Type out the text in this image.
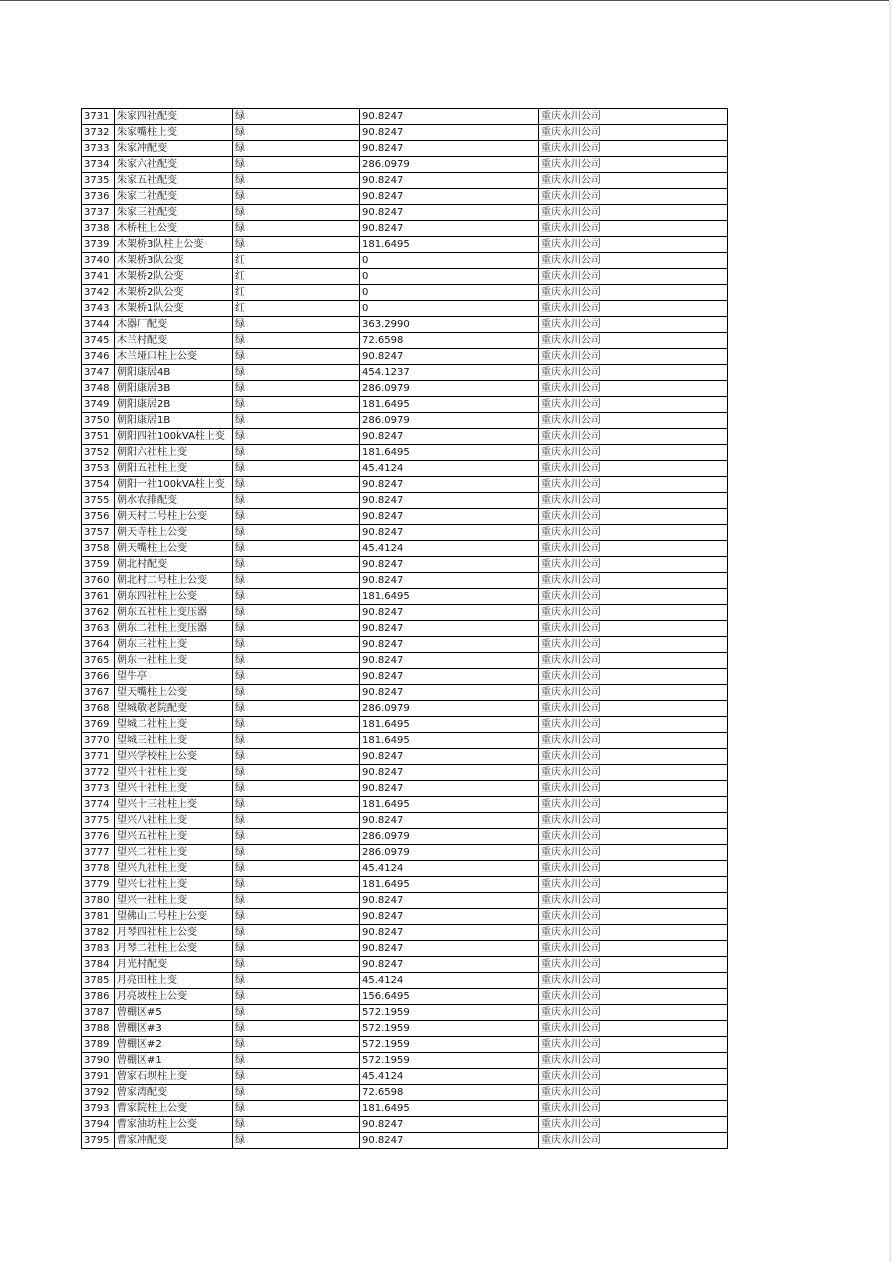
3731	朱家四社配变	绿	90.8247	重庆永川公司
3732	朱家嘴柱上变	绿	90.8247	重庆永川公司
3733	朱家冲配变	绿	90.8247	重庆永川公司
3734	朱家六社配变	绿	286.0979	重庆永川公司
3735	朱家五社配变	绿	90.8247	重庆永川公司
3736	朱家二社配变	绿	90.8247	重庆永川公司
3737	朱家三社配变	绿	90.8247	重庆永川公司
3738	木桥柱上公变	绿	90.8247	重庆永川公司
3739	木架桥3队柱上公变	绿	181.6495	重庆永川公司
3740	木架桥3队公变	红	0	重庆永川公司
3741	木架桥2队公变	红	0	重庆永川公司
3742	木架桥2队公变	红	0	重庆永川公司
3743	木架桥1队公变	红	0	重庆永川公司
3744	木器厂配变	绿	363.2990	重庆永川公司
3745	木兰村配变	绿	72.6598	重庆永川公司
3746	木兰垭口柱上公变	绿	90.8247	重庆永川公司
3747	朝阳康居4B	绿	454.1237	重庆永川公司
3748	朝阳康居3B	绿	286.0979	重庆永川公司
3749	朝阳康居2B	绿	181.6495	重庆永川公司
3750	朝阳康居1B	绿	286.0979	重庆永川公司
3751	朝阳四社100kVA柱上变	绿	90.8247	重庆永川公司
3752	朝阳六社柱上变	绿	181.6495	重庆永川公司
3753	朝阳五社柱上变	绿	45.4124	重庆永川公司
3754	朝阳一社100kVA柱上变	绿	90.8247	重庆永川公司
3755	朝水农排配变	绿	90.8247	重庆永川公司
3756	朝天村二号柱上公变	绿	90.8247	重庆永川公司
3757	朝天寺柱上公变	绿	90.8247	重庆永川公司
3758	朝天嘴柱上公变	绿	45.4124	重庆永川公司
3759	朝北村配变	绿	90.8247	重庆永川公司
3760	朝北村二号柱上公变	绿	90.8247	重庆永川公司
3761	朝东四社柱上公变	绿	181.6495	重庆永川公司
3762	朝东五社柱上变压器	绿	90.8247	重庆永川公司
3763	朝东二社柱上变压器	绿	90.8247	重庆永川公司
3764	朝东三社柱上变	绿	90.8247	重庆永川公司
3765	朝东一社柱上变	绿	90.8247	重庆永川公司
3766	望牛亭	绿	90.8247	重庆永川公司
3767	望天嘴柱上公变	绿	90.8247	重庆永川公司
3768	望城敬老院配变	绿	286.0979	重庆永川公司
3769	望城二社柱上变	绿	181.6495	重庆永川公司
3770	望城三社柱上变	绿	181.6495	重庆永川公司
3771	望兴学校柱上公变	绿	90.8247	重庆永川公司
3772	望兴十社柱上变	绿	90.8247	重庆永川公司
3773	望兴十社柱上变	绿	90.8247	重庆永川公司
3774	望兴十三社柱上变	绿	181.6495	重庆永川公司
3775	望兴八社柱上变	绿	90.8247	重庆永川公司
3776	望兴五社柱上变	绿	286.0979	重庆永川公司
3777	望兴二社柱上变	绿	286.0979	重庆永川公司
3778	望兴九社柱上变	绿	45.4124	重庆永川公司
3779	望兴七社柱上变	绿	181.6495	重庆永川公司
3780	望兴一社柱上变	绿	90.8247	重庆永川公司
3781	望佛山二号柱上公变	绿	90.8247	重庆永川公司
3782	月琴四社柱上公变	绿	90.8247	重庆永川公司
3783	月琴二社柱上公变	绿	90.8247	重庆永川公司
3784	月光村配变	绿	90.8247	重庆永川公司
3785	月亮田柱上变	绿	45.4124	重庆永川公司
3786	月亮坡柱上公变	绿	156.6495	重庆永川公司
3787	曾棚区#5	绿	572.1959	重庆永川公司
3788	曾棚区#3	绿	572.1959	重庆永川公司
3789	曾棚区#2	绿	572.1959	重庆永川公司
3790	曾棚区#1	绿	572.1959	重庆永川公司
3791	曾家石坝柱上变	绿	45.4124	重庆永川公司
3792	曾家湾配变	绿	72.6598	重庆永川公司
3793	曹家院柱上公变	绿	181.6495	重庆永川公司
3794	曹家油坊柱上公变	绿	90.8247	重庆永川公司
3795	曹家冲配变	绿	90.8247	重庆永川公司
